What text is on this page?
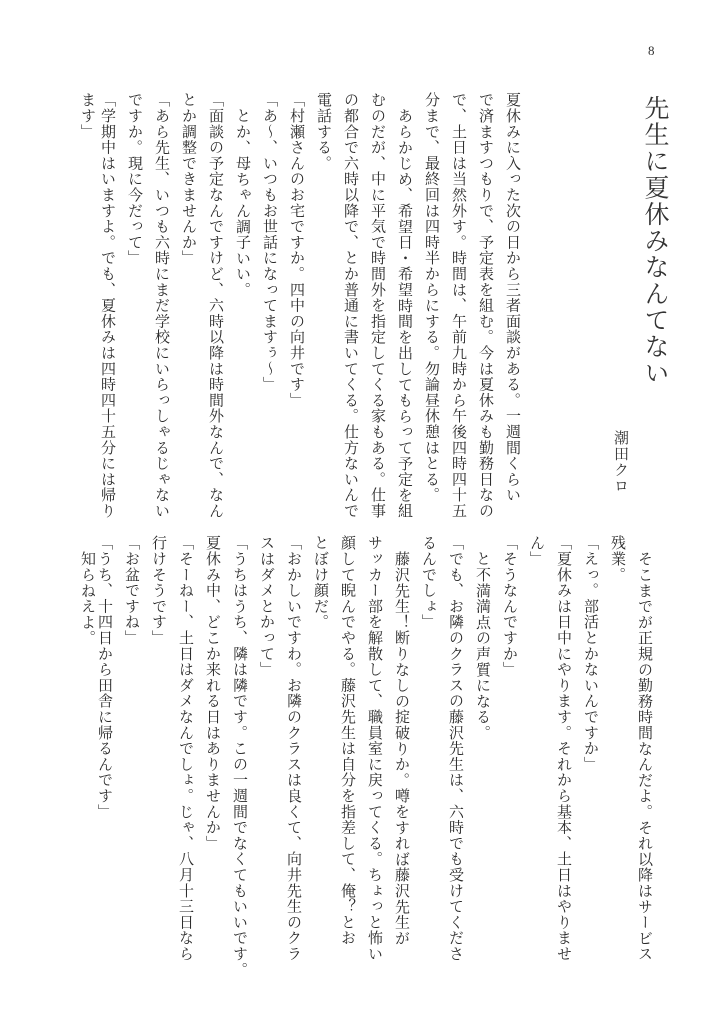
8
先生に夏休みなんてない
潮田クロ
夏休みに入った次の日から三者面談がある。一週間くらい
で済ますつもりで、予定表を組む。今は夏休みも勤務日なの
で、土日は当然外す。時間は、午前九時から午後四時四十五
分まで、最終回は四時半からにする。勿論昼休憩はとる。
あらかじめ、希望日・希望時間を出してもらって予定を組
むのだが、中に平気で時間外を指定してくる家もある。仕事
の都合で六時以降で、とか普通に書いてくる。仕方ないんで
電話する。
「村瀬さんのお宅ですか。四中の向井です」
「あ〜、いつもお世話になってますぅ〜」
とか、母ちゃん調子いい。
「面談の予定なんですけど、六時以降は時間外なんで、なん
とか調整できませんか」
「あら先生、いつも六時にまだ学校にいらっしゃるじゃない
ですか。現に今だって」
「学期中はいますよ。でも、夏休みは四時四十五分には帰り
ます」
そこまでが正規の勤務時間なんだよ。それ以降はサービス
残業。
「えっ。部活とかないんですか」
「夏休みは日中にやります。それから基本、土日はやりませ
ん」
「そうなんですか」
と不満満点の声質になる。
「でも、お隣のクラスの藤沢先生は、六時でも受けてくださ
るんでしょ」
藤沢先生！断りなしの掟破りか。噂をすれば藤沢先生が
サッカー部を解散して、職員室に戻ってくる。ちょっと怖い
顔して睨んでやる。藤沢先生は自分を指差して、俺？とお
とぼけ顔だ。
「おかしいですわ。お隣のクラスは良くて、向井先生のクラ
スはダメとかって」
「うちはうち、隣は隣です。この一週間でなくてもいいです。
夏休み中、どこか来れる日はありませんか」
「そーねー、土日はダメなんでしょ。じゃ、八月十三日なら
行けそうです」
「お盆ですね」
「うち、十四日から田舎に帰るんです」
知らねえよ。
